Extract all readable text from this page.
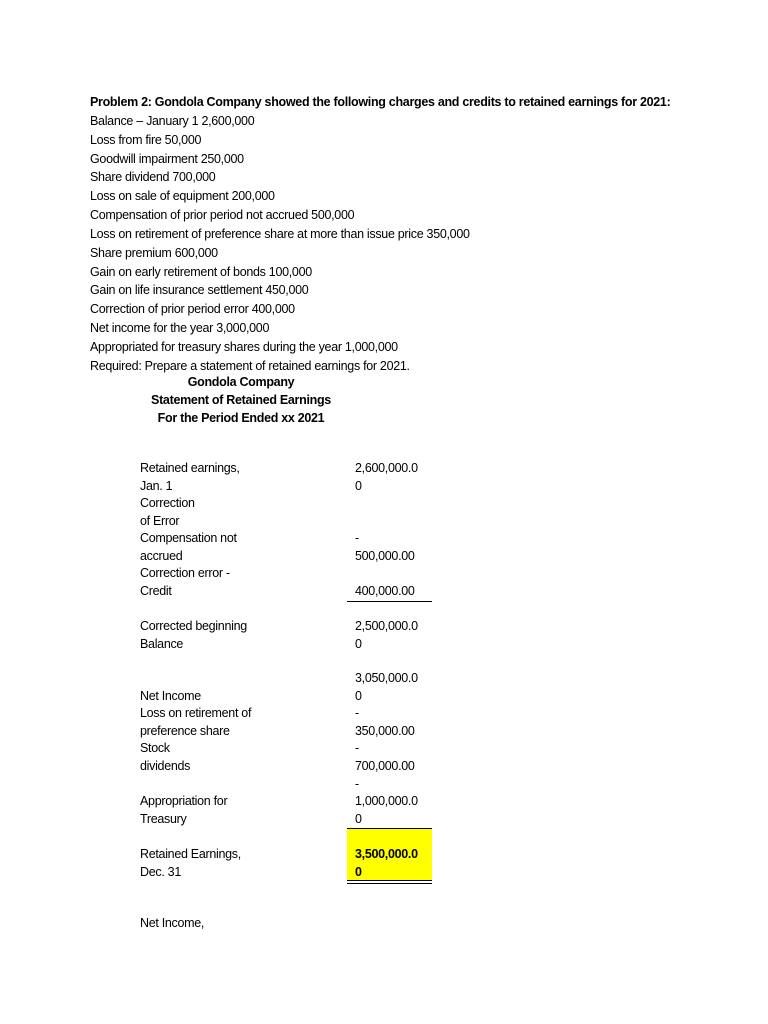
Problem 2: Gondola Company showed the following charges and credits to retained earnings for 2021:
Balance – January 1 2,600,000
Loss from fire 50,000
Goodwill impairment 250,000
Share dividend 700,000
Loss on sale of equipment 200,000
Compensation of prior period not accrued 500,000
Loss on retirement of preference share at more than issue price 350,000
Share premium 600,000
Gain on early retirement of bonds 100,000
Gain on life insurance settlement 450,000
Correction of prior period error 400,000
Net income for the year 3,000,000
Appropriated for treasury shares during the year 1,000,000
Required: Prepare a statement of retained earnings for 2021.
Gondola Company
Statement of Retained Earnings
For the Period Ended xx 2021
Retained earnings,
Jan. 1
2,600,000.0
0
Correction
of Error
Compensation not
accrued
-
500,000.00
Correction error -
Credit	400,000.00
Corrected beginning
Balance
2,500,000.0
0
3,050,000.0
0
Net Income
Loss on retirement of
preference share
-
350,000.00
Stock
dividends
-
700,000.00
-
Appropriation for
Treasury
1,000,000.0
0
Retained Earnings,
Dec. 31
3,500,000.0
0
Net Income,
